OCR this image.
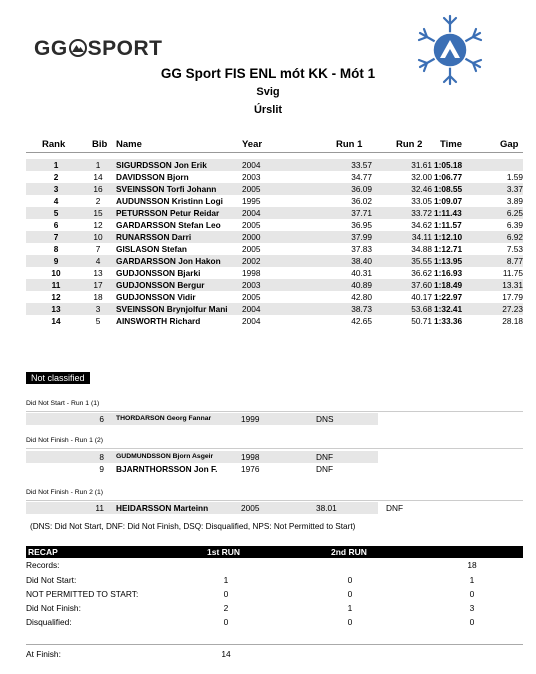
GG SPORT
GG Sport FIS ENL mót KK - Mót 1
Svig
Úrslit
Rank	Bib Name	Year	Run 1	Run 2 Time	Gap
1	1	SIGURDSSON Jon Erik	2004	33.57	31.61 1:05.18
2	14	DAVIDSSON Bjorn	2003	34.77	32.00 1:06.77	1.59
3	16	SVEINSSON Torfi Johann	2005	36.09	32.46 1:08.55	3.37
4	2	AUDUNSSON Kristinn Logi 1995	36.02	33.05 1:09.07	3.89
5	15	PETURSSON Petur Reidar	2004	37.71	33.72 1:11.43	6.25
6	12	GARDARSSON Stefan Leo	2005	36.95	34.62 1:11.57	6.39
7	10	RUNARSSON Darri	2000	37.99	34.11 1:12.10	6.92
8	7	GISLASON Stefan	2005	37.83	34.88 1:12.71	7.53
9	4	GARDARSSON Jon Hakon	2002	38.40	35.55 1:13.95	8.77
10	13	GUDJONSSON Bjarki	1998	40.31	36.62 1:16.93	11.75
11	17	GUDJONSSON Bergur	2003	40.89	37.60 1:18.49	13.31
12	18	GUDJONSSON Vidir	2005	42.80	40.17 1:22.97	17.79
13	3	SVEINSSON Brynjolfur Mani 2004	38.73	53.68 1:32.41	27.23
14	5	AINSWORTH Richard	2004	42.65	50.71 1:33.36	28.18
Not classified
Did Not Start - Run 1 (1)
6 THORDARSON Georg Fannar	1999	DNS
Did Not Finish - Run 1 (2)
8 GUDMUNDSSON Bjorn Asgeir	1998	DNF
9 BJARNTHORSSON Jon F.	1976	DNF
Did Not Finish - Run 2 (1)
11 HEIDARSSON Marteinn	2005	38.01	DNF
(DNS: Did Not Start, DNF: Did Not Finish, DSQ: Disqualified, NPS: Not Permitted to Start)
RECAP	1st RUN	2nd RUN
Records:	18
Did Not Start:	1	0	1
NOT PERMITTED TO START:	0	0	0
Did Not Finish:	2	1	3
Disqualified:	0	0	0
At Finish:	14
